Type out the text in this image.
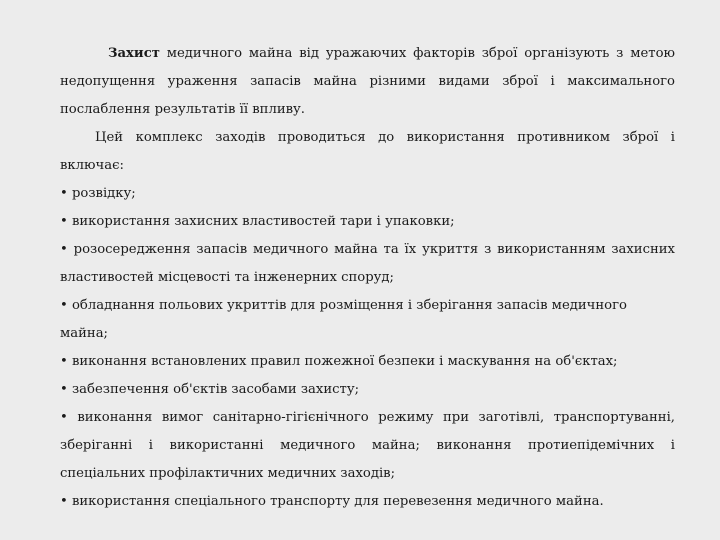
Захист медичного майна від уражаючих факторів зброї організують з метою недопущення ураження запасів майна різними видами зброї і максимального послаблення результатів її впливу.

Цей комплекс заходів проводиться до використання противником зброї і включає:

• розвідку;

• використання захисних властивостей тари і упаковки;

• розосередження запасів медичного майна та їх укриття з використанням захисних властивостей місцевості та інженерних споруд;

• обладнання польових укриттів для розміщення і зберігання запасів медичного майна;

• виконання встановлених правил пожежної безпеки і маскування на об'єктах;

• забезпечення об'єктів засобами захисту;

• виконання вимог санітарно-гігієнічного режиму при заготівлі, транспортуванні, зберіганні і використанні медичного майна; виконання протиепідемічних і спеціальних профілактичних медичних заходів;

• використання спеціального транспорту для перевезення медичного майна.
